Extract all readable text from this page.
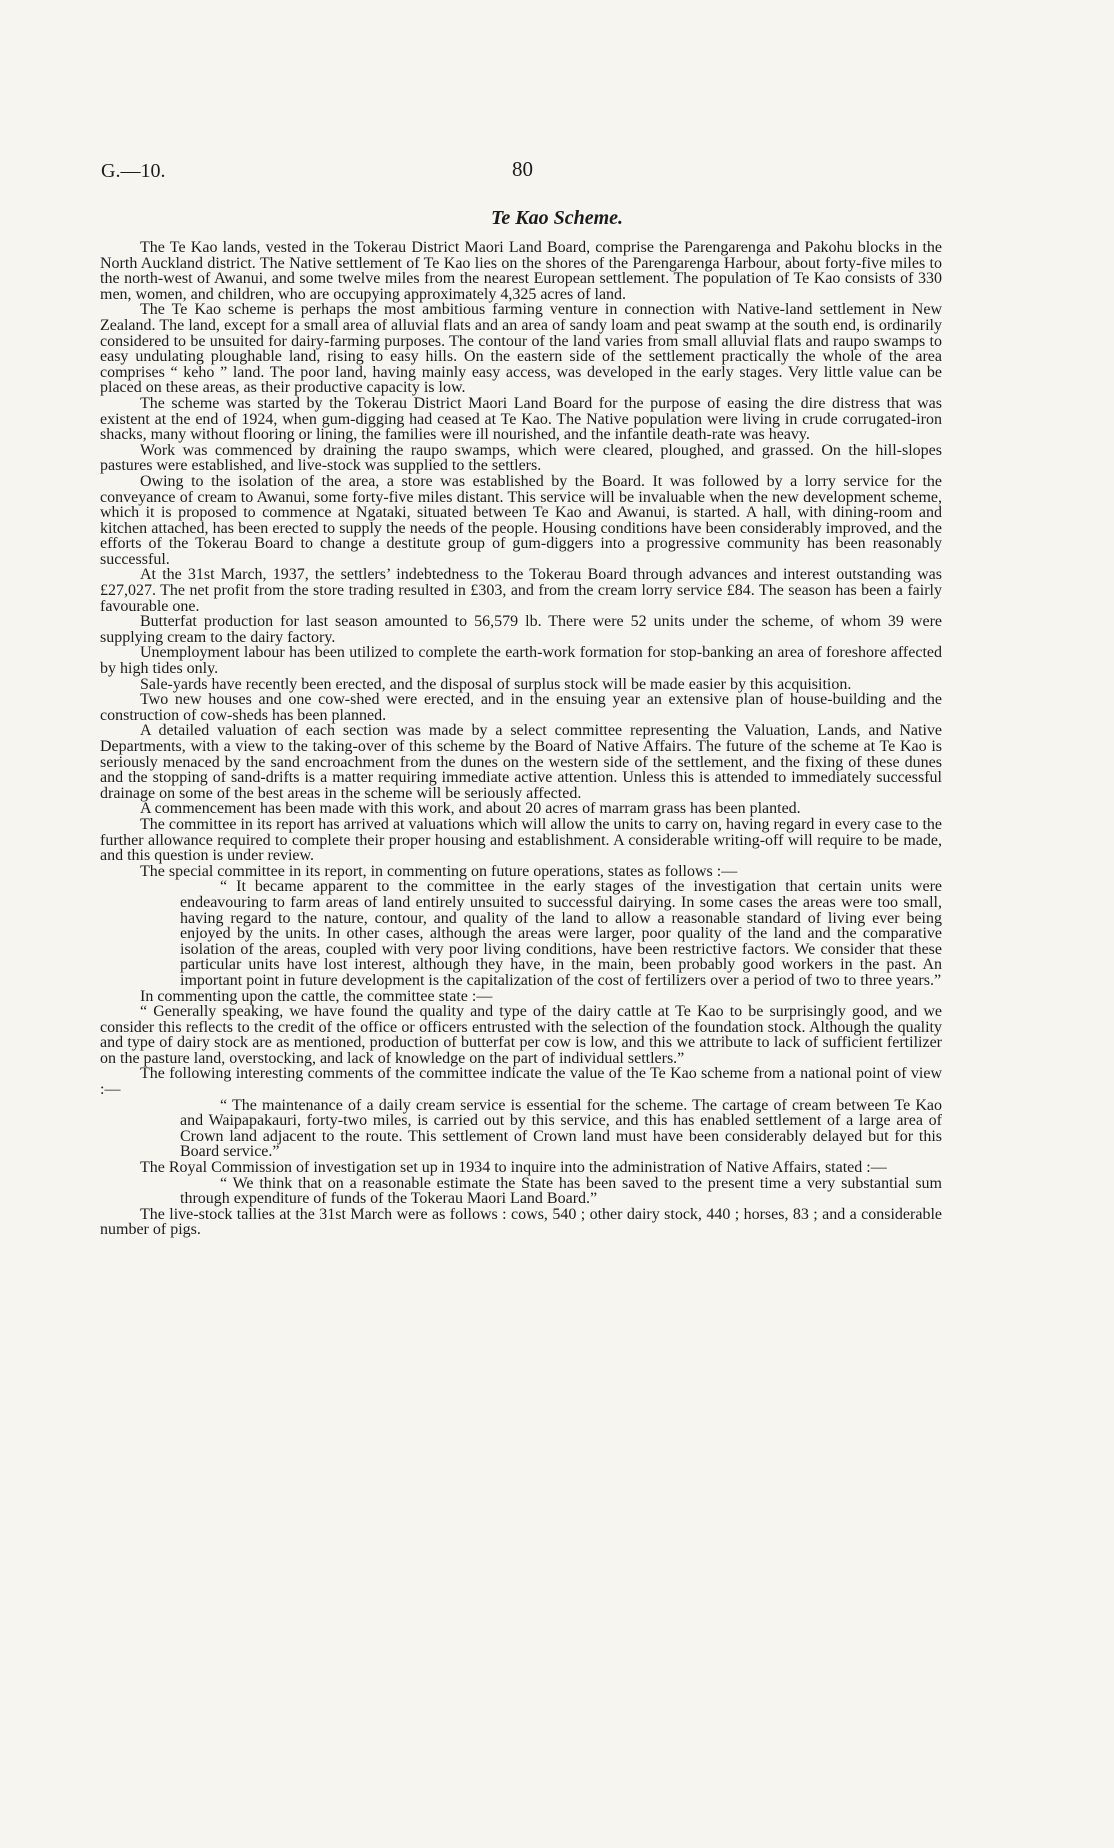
G.—10.	80
Te Kao Scheme.

The Te Kao lands, vested in the Tokerau District Maori Land Board, comprise the Parengarenga and Pakohu blocks in the North Auckland district. The Native settlement of Te Kao lies on the shores of the Parengarenga Harbour, about forty-five miles to the north-west of Awanui, and some twelve miles from the nearest European settlement. The population of Te Kao consists of 330 men, women, and children, who are occupying approximately 4,325 acres of land.

The Te Kao scheme is perhaps the most ambitious farming venture in connection with Native-land settlement in New Zealand. The land, except for a small area of alluvial flats and an area of sandy loam and peat swamp at the south end, is ordinarily considered to be unsuited for dairy-farming purposes. The contour of the land varies from small alluvial flats and raupo swamps to easy undulating ploughable land, rising to easy hills. On the eastern side of the settlement practically the whole of the area comprises “ keho ” land. The poor land, having mainly easy access, was developed in the early stages. Very little value can be placed on these areas, as their productive capacity is low.

The scheme was started by the Tokerau District Maori Land Board for the purpose of easing the dire distress that was existent at the end of 1924, when gum-digging had ceased at Te Kao. The Native population were living in crude corrugated-iron shacks, many without flooring or lining, the families were ill nourished, and the infantile death-rate was heavy.

Work was commenced by draining the raupo swamps, which were cleared, ploughed, and grassed. On the hill-slopes pastures were established, and live-stock was supplied to the settlers.

Owing to the isolation of the area, a store was established by the Board. It was followed by a lorry service for the conveyance of cream to Awanui, some forty-five miles distant. This service will be invaluable when the new development scheme, which it is proposed to commence at Ngataki, situated between Te Kao and Awanui, is started. A hall, with dining-room and kitchen attached, has been erected to supply the needs of the people. Housing conditions have been considerably improved, and the efforts of the Tokerau Board to change a destitute group of gum-diggers into a progressive community has been reasonably successful.

At the 31st March, 1937, the settlers’ indebtedness to the Tokerau Board through advances and interest outstanding was £27,027. The net profit from the store trading resulted in £303, and from the cream lorry service £84. The season has been a fairly favourable one.

Butterfat production for last season amounted to 56,579 lb. There were 52 units under the scheme, of whom 39 were supplying cream to the dairy factory.

Unemployment labour has been utilized to complete the earth-work formation for stop-banking an area of foreshore affected by high tides only.

Sale-yards have recently been erected, and the disposal of surplus stock will be made easier by this acquisition.

Two new houses and one cow-shed were erected, and in the ensuing year an extensive plan of house-building and the construction of cow-sheds has been planned.

A detailed valuation of each section was made by a select committee representing the Valuation, Lands, and Native Departments, with a view to the taking-over of this scheme by the Board of Native Affairs. The future of the scheme at Te Kao is seriously menaced by the sand encroachment from the dunes on the western side of the settlement, and the fixing of these dunes and the stopping of sand-drifts is a matter requiring immediate active attention. Unless this is attended to immediately successful drainage on some of the best areas in the scheme will be seriously affected.

A commencement has been made with this work, and about 20 acres of marram grass has been planted.

The committee in its report has arrived at valuations which will allow the units to carry on, having regard in every case to the further allowance required to complete their proper housing and establishment. A considerable writing-off will require to be made, and this question is under review.

The special committee in its report, in commenting on future operations, states as follows :—

“ It became apparent to the committee in the early stages of the investigation that certain units were endeavouring to farm areas of land entirely unsuited to successful dairying. In some cases the areas were too small, having regard to the nature, contour, and quality of the land to allow a reasonable standard of living ever being enjoyed by the units. In other cases, although the areas were larger, poor quality of the land and the comparative isolation of the areas, coupled with very poor living conditions, have been restrictive factors. We consider that these particular units have lost interest, although they have, in the main, been probably good workers in the past. An important point in future development is the capitalization of the cost of fertilizers over a period of two to three years.”

In commenting upon the cattle, the committee state :—

“ Generally speaking, we have found the quality and type of the dairy cattle at Te Kao to be surprisingly good, and we consider this reflects to the credit of the office or officers entrusted with the selection of the foundation stock. Although the quality and type of dairy stock are as mentioned, production of butterfat per cow is low, and this we attribute to lack of sufficient fertilizer on the pasture land, overstocking, and lack of knowledge on the part of individual settlers.”

The following interesting comments of the committee indicate the value of the Te Kao scheme from a national point of view :—

“ The maintenance of a daily cream service is essential for the scheme. The cartage of cream between Te Kao and Waipapakauri, forty-two miles, is carried out by this service, and this has enabled settlement of a large area of Crown land adjacent to the route. This settlement of Crown land must have been considerably delayed but for this Board service.”

The Royal Commission of investigation set up in 1934 to inquire into the administration of Native Affairs, stated :—

“ We think that on a reasonable estimate the State has been saved to the present time a very substantial sum through expenditure of funds of the Tokerau Maori Land Board.”

The live-stock tallies at the 31st March were as follows : cows, 540 ; other dairy stock, 440 ; horses, 83 ; and a considerable number of pigs.
